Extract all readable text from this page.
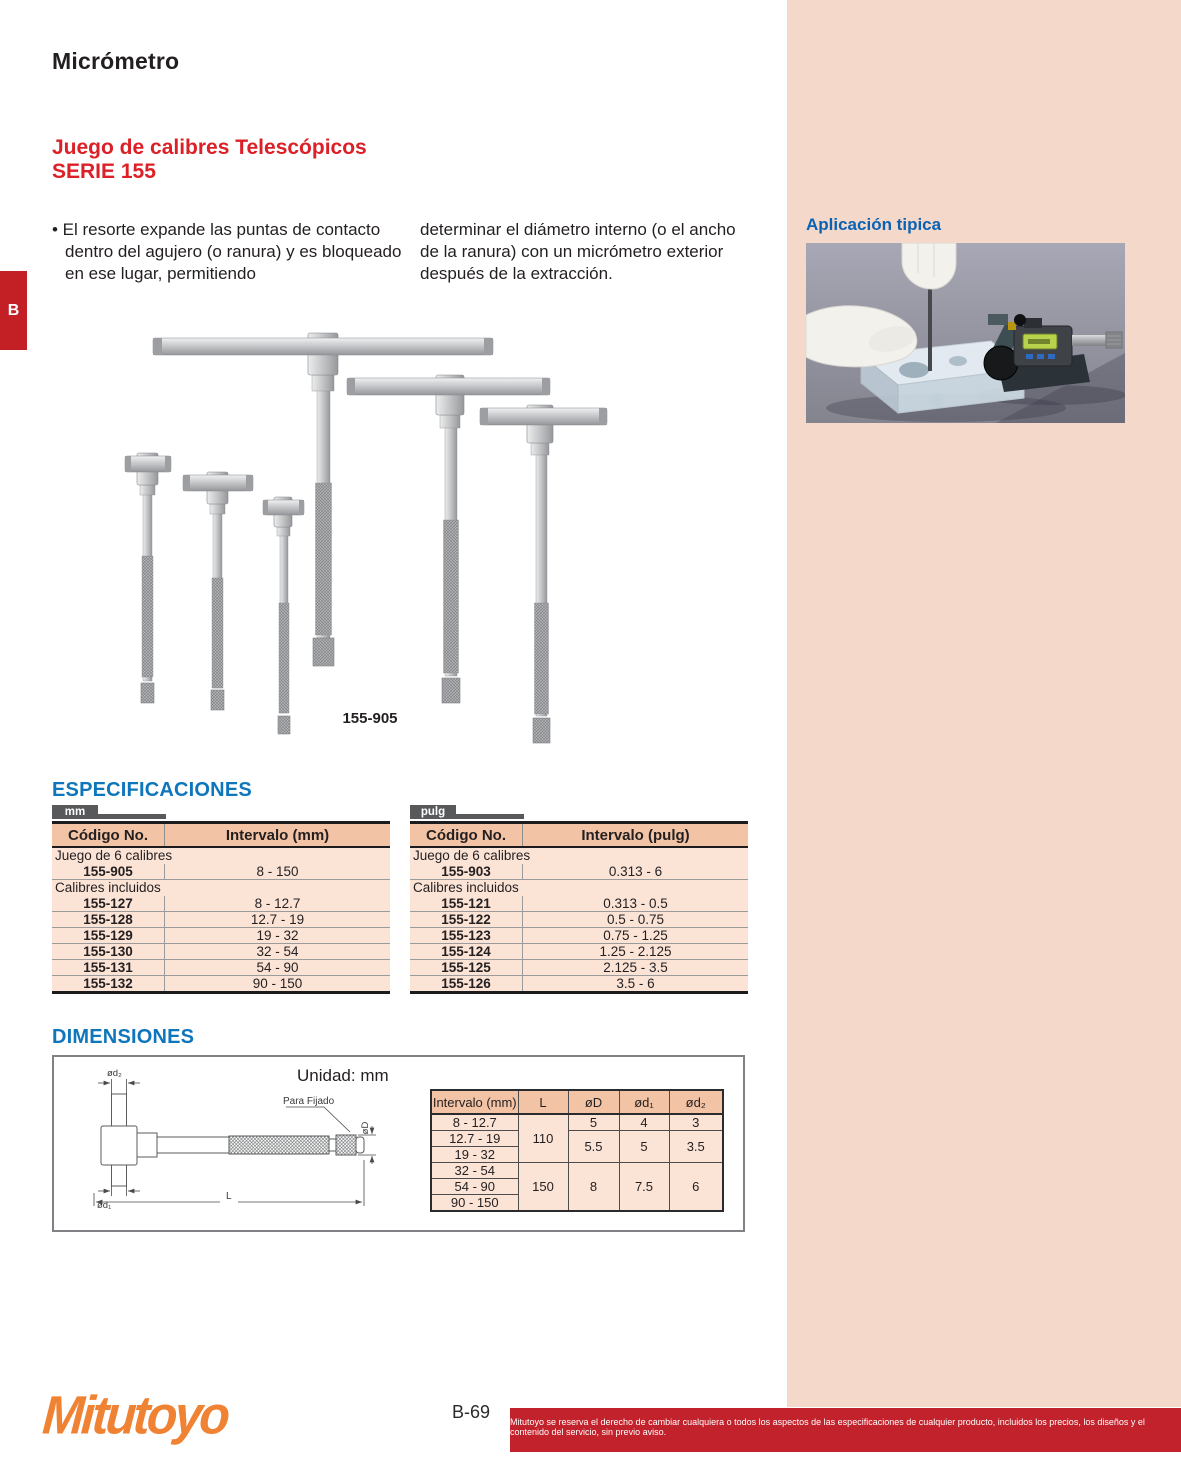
B
Micrómetro
Juego de calibres Telescópicos
SERIE 155
• El resorte expande las puntas de contacto dentro del agujero (o ranura) y es bloqueado en ese lugar, permitiendo
determinar el diámetro interno (o el ancho de la ranura) con un micrómetro exterior después de la extracción.
Aplicación tipica
155-905
ESPECIFICACIONES
mm
Código No.	Intervalo (mm)
Juego de 6 calibres
155-905	8 - 150
Calibres incluidos
155-127	8 - 12.7
155-128	12.7 - 19
155-129	19 - 32
155-130	32 - 54
155-131	54 - 90
155-132	90 - 150
pulg
Código No.	Intervalo (pulg)
Juego de 6 calibres
155-903	0.313 - 6
Calibres incluidos
155-121	0.313 - 0.5
155-122	0.5 - 0.75
155-123	0.75 - 1.25
155-124	1.25 - 2.125
155-125	2.125 - 3.5
155-126	3.5 - 6
DIMENSIONES
Unidad: mm
Para Fijado
ød₂
ød₁
øD
L
Intervalo (mm)	L	øD	ød₁	ød₂
8 - 12.7	110	5	4	3
12.7 - 19		5.5	5	3.5
19 - 32				
32 - 54	150	8	7.5	6
54 - 90				
90 - 150				
Mitutoyo	B-69 Mitutoyo se reserva el derecho de cambiar cualquiera o todos los aspectos de las especificaciones de cualquier producto, incluidos los precios, los diseños y el contenido del servicio, sin previo aviso.
